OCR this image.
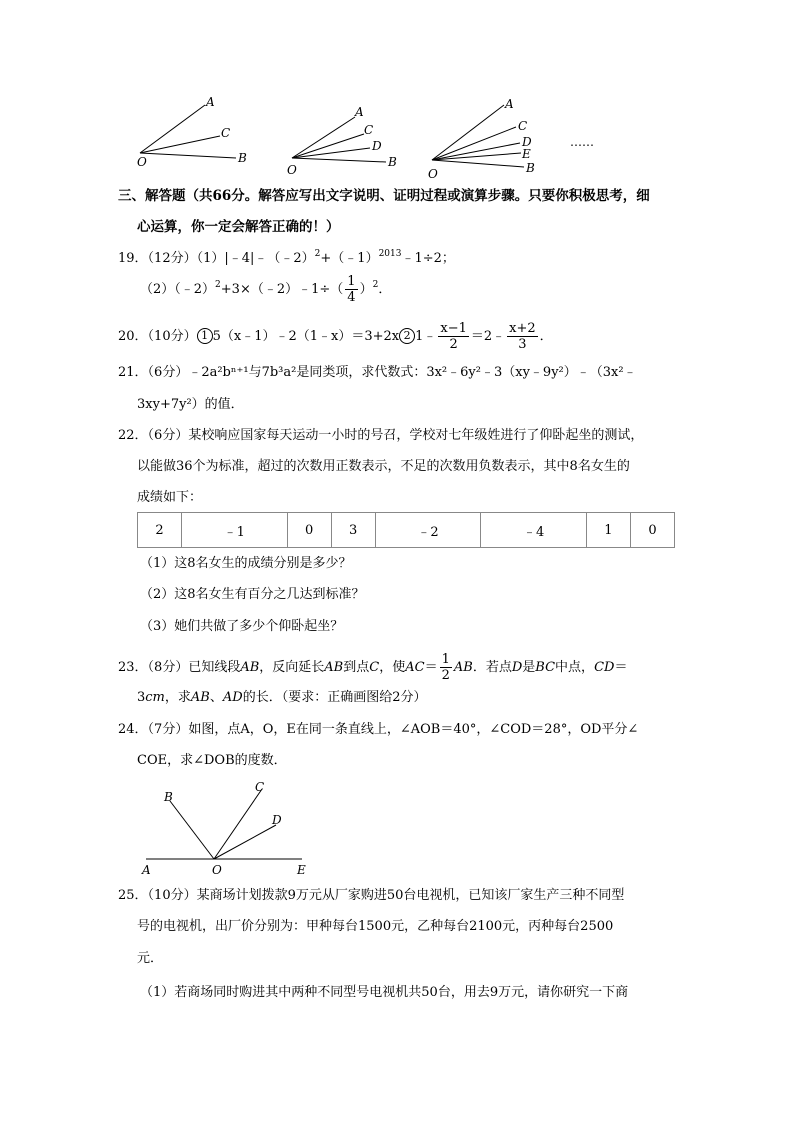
A
C
B
O
A
C
D
B
O
A
C
D
E
B
O
……
三、解答题（共66分。解答应写出文字说明、证明过程或演算步骤。只要你积极思考，细
心运算，你一定会解答正确的！）
19．（12分）（1）|﹣4|﹣（﹣2）$^2$+（﹣1）$^{2013}$﹣1÷2；
（2）（﹣2）$^2$+3×（﹣2）﹣1÷（ $\frac{1}{4} )^2$．
20．（10分） 1 5（x﹣1）﹣2（1﹣x）＝3+2x 2 1﹣ $\frac{x-1}{2}$ ＝2﹣ $\frac{x+2}{3}$ ．
21．（6分）﹣2a²bⁿ⁺¹与7b³a²是同类项，求代数式：3x²﹣6y²﹣3（xy﹣9y²）﹣（3x²﹣
3xy+7y²）的值．
22．（6分）某校响应国家每天运动一小时的号召，学校对七年级姓进行了仰卧起坐的测试，
以能做36个为标准，超过的次数用正数表示，不足的次数用负数表示，其中8名女生的
成绩如下：
2	﹣1	0	3	﹣2	﹣4	1	0
（1）这8名女生的成绩分别是多少？
（2）这8名女生有百分之几达到标准？
（3）她们共做了多少个仰卧起坐？
23．（8分）已知线段AB，反向延长AB到点C，使$AC= \frac{1}{2}$ AB．若点D是BC中点，CD＝
3cm，求AB、AD的长．（要求：正确画图给2分）
24．（7分）如图，点A，O，E在同一条直线上，∠AOB＝40°，∠COD＝28°，OD平分∠
COE，求∠DOB的度数．
B
C
D
A	O	E
25．（10分）某商场计划拨款9万元从厂家购进50台电视机，已知该厂家生产三种不同型
号的电视机，出厂价分别为：甲种每台1500元，乙种每台2100元，丙种每台2500
元．
（1）若商场同时购进其中两种不同型号电视机共50台，用去9万元，请你研究一下商
